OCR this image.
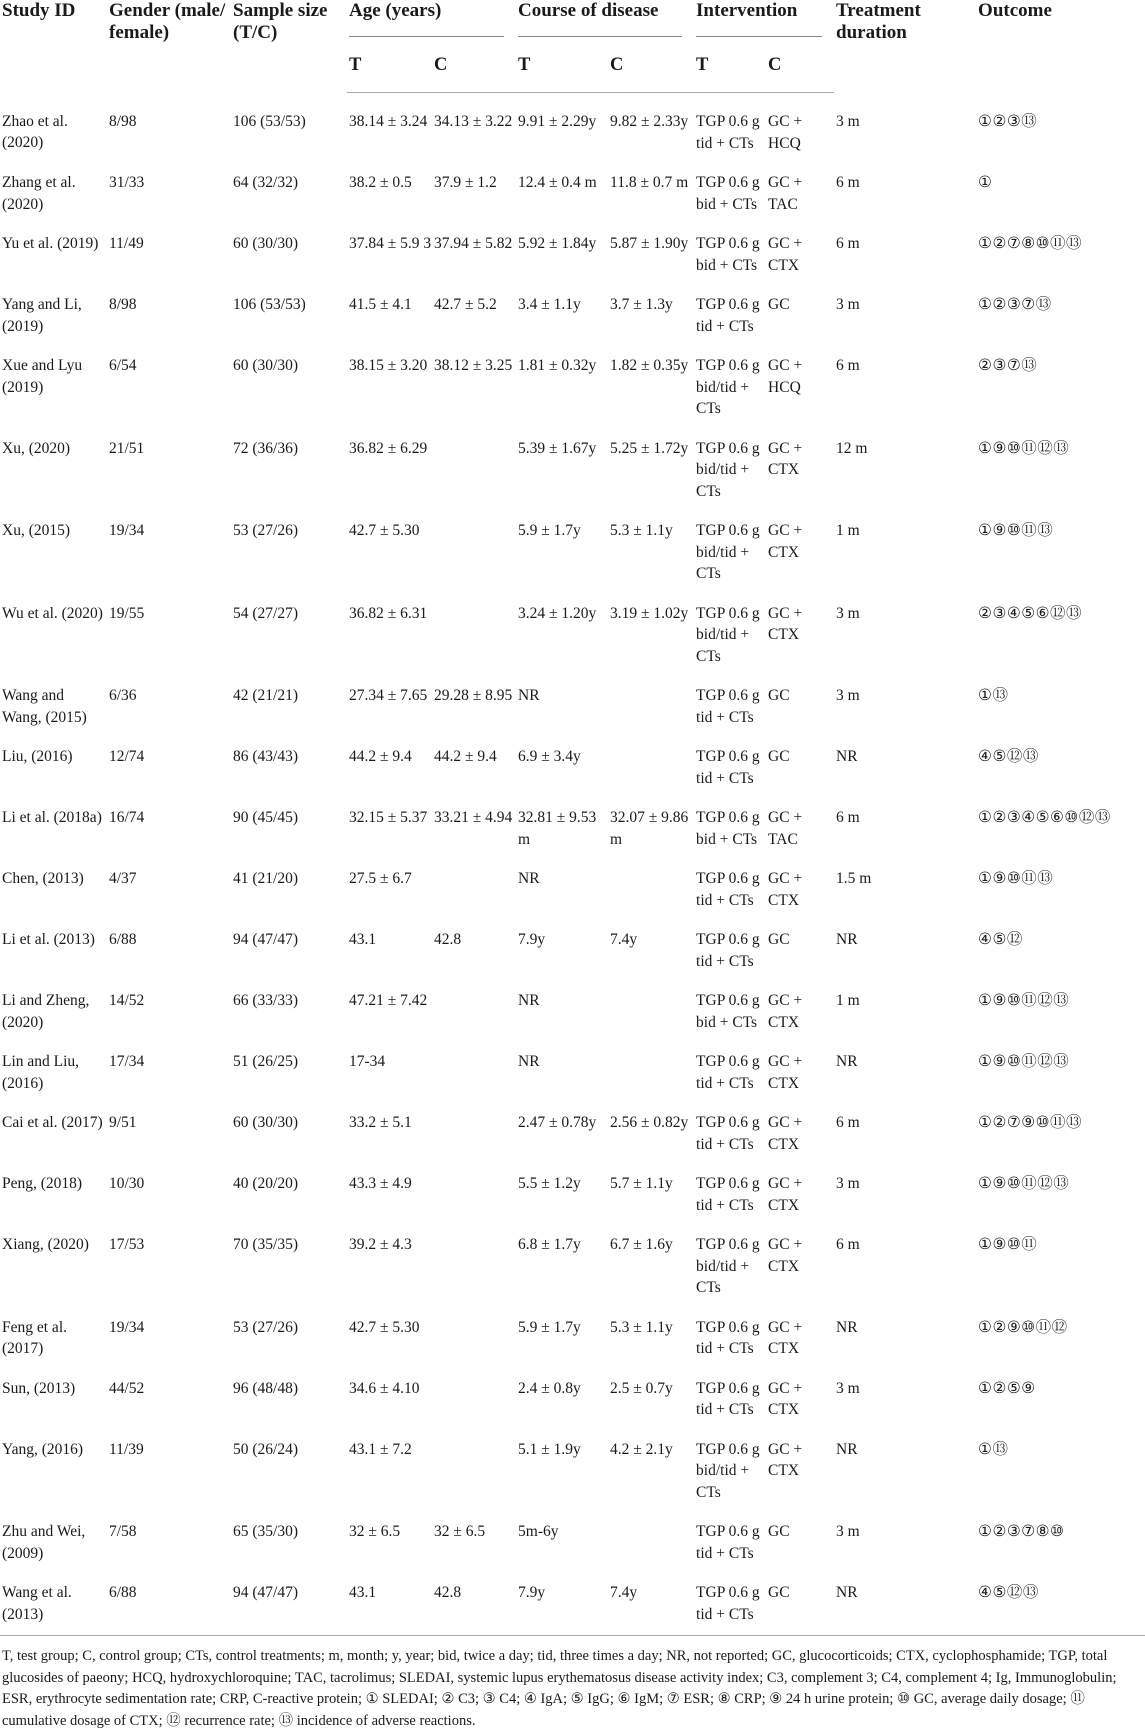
Study ID	Gender (male/ female)	Sample size (T/C)	Age (years)		Course of disease		Intervention		Treatment duration	Outcome
			T	C	T	C	T	C		
Zhao et al. (2020)	8/98	106 (53/53)	38.14 ± 3.24	34.13 ± 3.22	9.91 ± 2.29y	9.82 ± 2.33y	TGP 0.6 g tid + CTs	GC + HCQ	3 m	①②③⑬
Zhang et al. (2020)	31/33	64 (32/32)	38.2 ± 0.5	37.9 ± 1.2	12.4 ± 0.4 m	11.8 ± 0.7 m	TGP 0.6 g bid + CTs	GC + TAC	6 m	①
Yu et al. (2019)	11/49	60 (30/30)	37.84 ± 5.9 3	37.94 ± 5.82	5.92 ± 1.84y	5.87 ± 1.90y	TGP 0.6 g bid + CTs	GC + CTX	6 m	①②⑦⑧⑩⑪⑬
Yang and Li, (2019)	8/98	106 (53/53)	41.5 ± 4.1	42.7 ± 5.2	3.4 ± 1.1y	3.7 ± 1.3y	TGP 0.6 g tid + CTs	GC	3 m	①②③⑦⑬
Xue and Lyu (2019)	6/54	60 (30/30)	38.15 ± 3.20	38.12 ± 3.25	1.81 ± 0.32y	1.82 ± 0.35y	TGP 0.6 g bid/tid + CTs	GC + HCQ	6 m	②③⑦⑬
Xu, (2020)	21/51	72 (36/36)	36.82 ± 6.29		5.39 ± 1.67y	5.25 ± 1.72y	TGP 0.6 g bid/tid + CTs	GC + CTX	12 m	①⑨⑩⑪⑫⑬
Xu, (2015)	19/34	53 (27/26)	42.7 ± 5.30		5.9 ± 1.7y	5.3 ± 1.1y	TGP 0.6 g bid/tid + CTs	GC + CTX	1 m	①⑨⑩⑪⑬
Wu et al. (2020)	19/55	54 (27/27)	36.82 ± 6.31		3.24 ± 1.20y	3.19 ± 1.02y	TGP 0.6 g bid/tid + CTs	GC + CTX	3 m	②③④⑤⑥⑫⑬
Wang and Wang, (2015)	6/36	42 (21/21)	27.34 ± 7.65	29.28 ± 8.95	NR		TGP 0.6 g tid + CTs	GC	3 m	①⑬
Liu, (2016)	12/74	86 (43/43)	44.2 ± 9.4	44.2 ± 9.4	6.9 ± 3.4y		TGP 0.6 g tid + CTs	GC	NR	④⑤⑫⑬
Li et al. (2018a)	16/74	90 (45/45)	32.15 ± 5.37	33.21 ± 4.94	32.81 ± 9.53 m	32.07 ± 9.86 m	TGP 0.6 g bid + CTs	GC + TAC	6 m	①②③④⑤⑥⑩⑫⑬
Chen, (2013)	4/37	41 (21/20)	27.5 ± 6.7		NR		TGP 0.6 g tid + CTs	GC + CTX	1.5 m	①⑨⑩⑪⑬
Li et al. (2013)	6/88	94 (47/47)	43.1	42.8	7.9y	7.4y	TGP 0.6 g tid + CTs	GC	NR	④⑤⑫
Li and Zheng, (2020)	14/52	66 (33/33)	47.21 ± 7.42		NR		TGP 0.6 g bid + CTs	GC + CTX	1 m	①⑨⑩⑪⑫⑬
Lin and Liu, (2016)	17/34	51 (26/25)	17-34		NR		TGP 0.6 g tid + CTs	GC + CTX	NR	①⑨⑩⑪⑫⑬
Cai et al. (2017)	9/51	60 (30/30)	33.2 ± 5.1		2.47 ± 0.78y	2.56 ± 0.82y	TGP 0.6 g tid + CTs	GC + CTX	6 m	①②⑦⑨⑩⑪⑬
Peng, (2018)	10/30	40 (20/20)	43.3 ± 4.9		5.5 ± 1.2y	5.7 ± 1.1y	TGP 0.6 g tid + CTs	GC + CTX	3 m	①⑨⑩⑪⑫⑬
Xiang, (2020)	17/53	70 (35/35)	39.2 ± 4.3		6.8 ± 1.7y	6.7 ± 1.6y	TGP 0.6 g bid/tid + CTs	GC + CTX	6 m	①⑨⑩⑪
Feng et al. (2017)	19/34	53 (27/26)	42.7 ± 5.30		5.9 ± 1.7y	5.3 ± 1.1y	TGP 0.6 g tid + CTs	GC + CTX	NR	①②⑨⑩⑪⑫
Sun, (2013)	44/52	96 (48/48)	34.6 ± 4.10		2.4 ± 0.8y	2.5 ± 0.7y	TGP 0.6 g tid + CTs	GC + CTX	3 m	①②⑤⑨
Yang, (2016)	11/39	50 (26/24)	43.1 ± 7.2		5.1 ± 1.9y	4.2 ± 2.1y	TGP 0.6 g bid/tid + CTs	GC + CTX	NR	①⑬
Zhu and Wei, (2009)	7/58	65 (35/30)	32 ± 6.5	32 ± 6.5	5m-6y		TGP 0.6 g tid + CTs	GC	3 m	①②③⑦⑧⑩
Wang et al. (2013)	6/88	94 (47/47)	43.1	42.8	7.9y	7.4y	TGP 0.6 g tid + CTs	GC	NR	④⑤⑫⑬
T, test group; C, control group; CTs, control treatments; m, month; y, year; bid, twice a day; tid, three times a day; NR, not reported; GC, glucocorticoids; CTX, cyclophosphamide; TGP, total glucosides of paeony; HCQ, hydroxychloroquine; TAC, tacrolimus; SLEDAI, systemic lupus erythematosus disease activity index; C3, complement 3; C4, complement 4; Ig, Immunoglobulin; ESR, erythrocyte sedimentation rate; CRP, C-reactive protein; ① SLEDAI; ② C3; ③ C4; ④ IgA; ⑤ IgG; ⑥ IgM; ⑦ ESR; ⑧ CRP; ⑨ 24 h urine protein; ⑩ GC, average daily dosage; ⑪ cumulative dosage of CTX; ⑫ recurrence rate; ⑬ incidence of adverse reactions.
